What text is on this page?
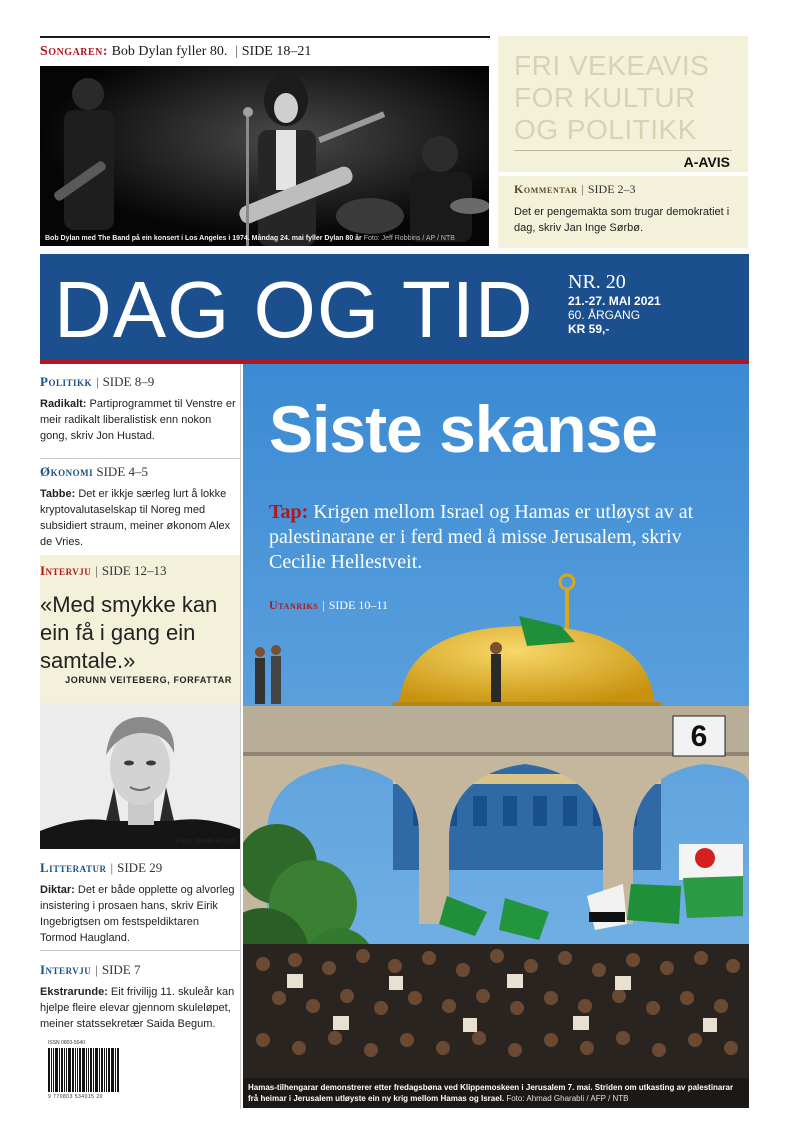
Songaren: Bob Dylan fyller 80. | SIDE 18–21
Bob Dylan med The Band på ein konsert i Los Angeles i 1974. Måndag 24. mai fyller Dylan 80 år Foto: Jeff Robbins / AP / NTB
FRI VEKEAVIS
FOR KULTUR
OG POLITIKK
A-AVIS
Kommentar | SIDE 2–3
Det er pengemakta som trugar demokratiet i dag, skriv Jan Inge Sørbø.
DAG OG TID NR. 20
21.-27. MAI 2021
60. ÅRGANG
KR 59,-
Politikk | SIDE 8–9
Radikalt: Partiprogrammet til Venstre er meir radikalt liberalistisk enn nokon gong, skriv Jon Hustad.
Økonomi SIDE 4–5
Tabbe: Det er ikkje særleg lurt å lokke kryptovalutaselskap til Noreg med subsidiert straum, meiner økonom Alex de Vries.
Intervju | SIDE 12–13
«Med smykke kan ein få i gang ein samtale.»
JORUNN VEITEBERG, FORFATTAR
Foto: Dorte Krogh
Litteratur | SIDE 29
Diktar: Det er både opplette og alvorleg insistering i prosaen hans, skriv Eirik Ingebrigtsen om festspeldiktaren Tormod Haugland.
Intervju | SIDE 7
Ekstrarunde: Eit frivilijg 11. skuleår kan hjelpe fleire elevar gjennom skuleløpet, meiner statssekretær Saida Begum.
ISSN 0803-5040
9 770803 534015 20
6
Siste skanse
Tap: Krigen mellom Israel og Hamas er utløyst av at palestinarane er i ferd med å misse Jerusalem, skriv Cecilie Hellestveit.
Utanriks | SIDE 10–11
Hamas-tilhengarar demonstrerer etter fredagsbøna ved Klippemoskeen i Jerusalem 7. mai. Striden om utkasting av palestinarar frå heimar i Jerusalem utløyste ein ny krig mellom Hamas og Israel. Foto: Ahmad Gharabli / AFP / NTB
